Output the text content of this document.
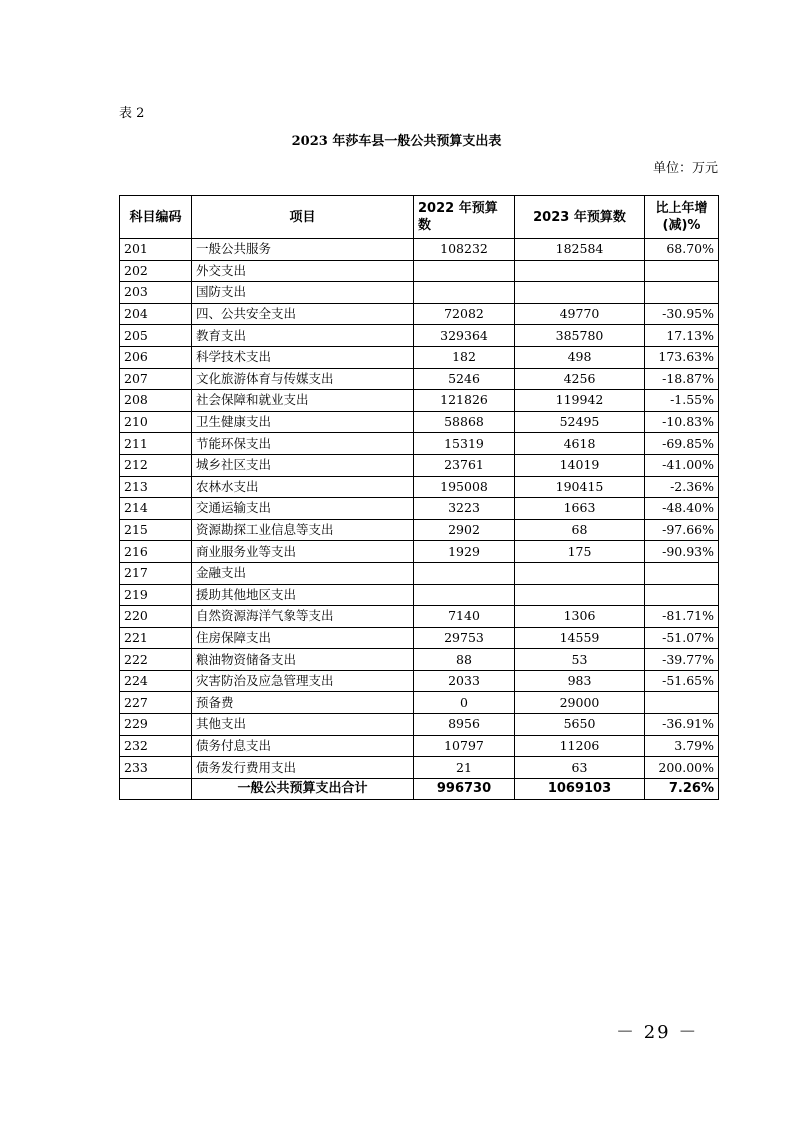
表 2
2023 年莎车县一般公共预算支出表
单位：万元
科目编码	项目	2022 年预算数	2023 年预算数	比上年增(减)%
201	一般公共服务	108232	182584	68.70%
202	外交支出			
203	国防支出			
204	四、公共安全支出	72082	49770	-30.95%
205	教育支出	329364	385780	17.13%
206	科学技术支出	182	498	173.63%
207	文化旅游体育与传媒支出	5246	4256	-18.87%
208	社会保障和就业支出	121826	119942	-1.55%
210	卫生健康支出	58868	52495	-10.83%
211	节能环保支出	15319	4618	-69.85%
212	城乡社区支出	23761	14019	-41.00%
213	农林水支出	195008	190415	-2.36%
214	交通运输支出	3223	1663	-48.40%
215	资源勘探工业信息等支出	2902	68	-97.66%
216	商业服务业等支出	1929	175	-90.93%
217	金融支出			
219	援助其他地区支出			
220	自然资源海洋气象等支出	7140	1306	-81.71%
221	住房保障支出	29753	14559	-51.07%
222	粮油物资储备支出	88	53	-39.77%
224	灾害防治及应急管理支出	2033	983	-51.65%
227	预备费	0	29000	
229	其他支出	8956	5650	-36.91%
232	债务付息支出	10797	11206	3.79%
233	债务发行费用支出	21	63	200.00%
	一般公共预算支出合计	996730	1069103	7.26%
－ 29 －
